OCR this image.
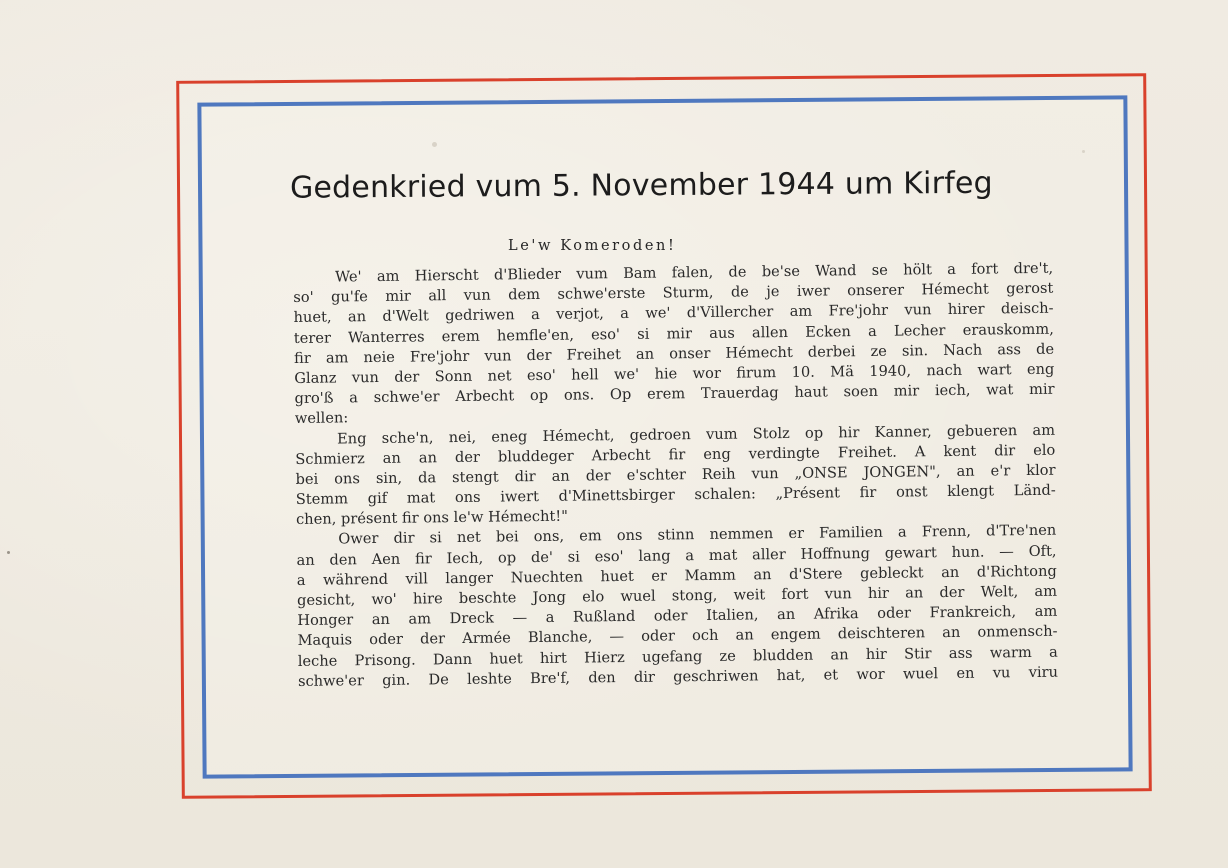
Gedenkried vum 5. November 1944 um Kirfeg

Le'w Komeroden!

We' am Hierscht d'Blieder vum Bam falen, de be'se Wand se hölt a fort dre't,
so' gu'fe mir all vun dem schwe'erste Sturm, de je iwer onserer Hémecht gerost
huet, an d'Welt gedriwen a verjot, a we' d'Villercher am Fre'johr vun hirer deisch-
terer Wanterres erem hemfle'en, eso' si mir aus allen Ecken a Lecher erauskomm,
fir am neie Fre'johr vun der Freihet an onser Hémecht derbei ze sin. Nach ass de
Glanz vun der Sonn net eso' hell we' hie wor firum 10. Mä 1940, nach wart eng
gro'ß a schwe'er Arbecht op ons. Op erem Trauerdag haut soen mir iech, wat mir
wellen:
Eng sche'n, nei, eneg Hémecht, gedroen vum Stolz op hir Kanner, gebueren am
Schmierz an an der bluddeger Arbecht fir eng verdingte Freihet. A kent dir elo
bei ons sin, da stengt dir an der e'schter Reih vun „ONSE JONGEN", an e'r klor
Stemm gif mat ons iwert d'Minettsbirger schalen: „Présent fir onst klengt Länd-
chen, présent fir ons le'w Hémecht!"
Ower dir si net bei ons, em ons stinn nemmen er Familien a Frenn, d'Tre'nen
an den Aen fir Iech, op de' si eso' lang a mat aller Hoffnung gewart hun. — Oft,
a während vill langer Nuechten huet er Mamm an d'Stere gebleckt an d'Richtong
gesicht, wo' hire beschte Jong elo wuel stong, weit fort vun hir an der Welt, am
Honger an am Dreck — a Rußland oder Italien, an Afrika oder Frankreich, am
Maquis oder der Armée Blanche, — oder och an engem deischteren an onmensch-
leche Prisong. Dann huet hirt Hierz ugefang ze bludden an hir Stir ass warm a
schwe'er gin. De leshte Bre'f, den dir geschriwen hat, et wor wuel en vu viru
